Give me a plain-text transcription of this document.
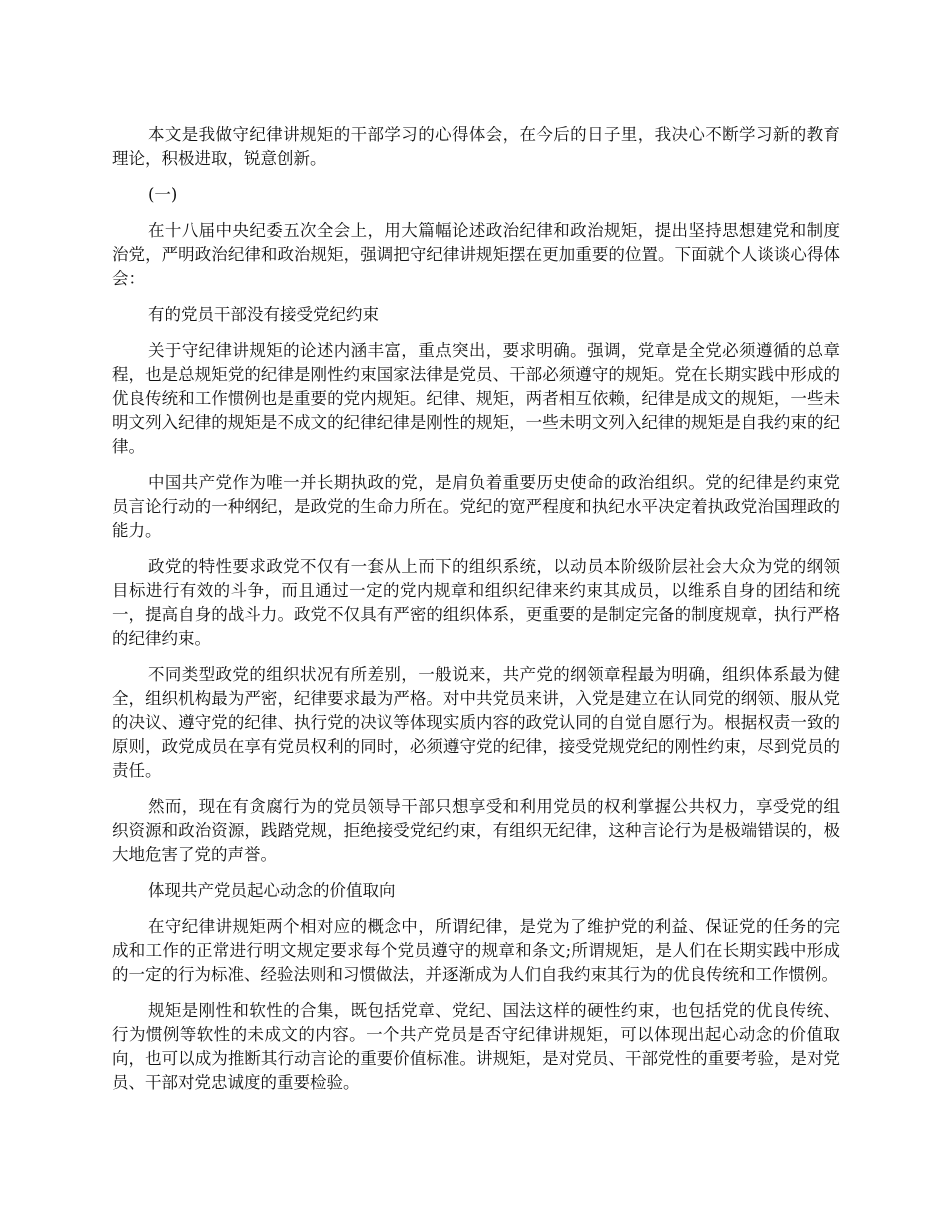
本文是我做守纪律讲规矩的干部学习的心得体会，在今后的日子里，我决心不断学习新的教育理论，积极进取，锐意创新。

(一)

在十八届中央纪委五次全会上，用大篇幅论述政治纪律和政治规矩，提出坚持思想建党和制度治党，严明政治纪律和政治规矩，强调把守纪律讲规矩摆在更加重要的位置。下面就个人谈谈心得体会：

有的党员干部没有接受党纪约束

关于守纪律讲规矩的论述内涵丰富，重点突出，要求明确。强调，党章是全党必须遵循的总章程，也是总规矩党的纪律是刚性约束国家法律是党员、干部必须遵守的规矩。党在长期实践中形成的优良传统和工作惯例也是重要的党内规矩。纪律、规矩，两者相互依赖，纪律是成文的规矩，一些未明文列入纪律的规矩是不成文的纪律纪律是刚性的规矩，一些未明文列入纪律的规矩是自我约束的纪律。

中国共产党作为唯一并长期执政的党，是肩负着重要历史使命的政治组织。党的纪律是约束党员言论行动的一种纲纪，是政党的生命力所在。党纪的宽严程度和执纪水平决定着执政党治国理政的能力。

政党的特性要求政党不仅有一套从上而下的组织系统，以动员本阶级阶层社会大众为党的纲领目标进行有效的斗争，而且通过一定的党内规章和组织纪律来约束其成员，以维系自身的团结和统一，提高自身的战斗力。政党不仅具有严密的组织体系，更重要的是制定完备的制度规章，执行严格的纪律约束。

不同类型政党的组织状况有所差别，一般说来，共产党的纲领章程最为明确，组织体系最为健全，组织机构最为严密，纪律要求最为严格。对中共党员来讲，入党是建立在认同党的纲领、服从党的决议、遵守党的纪律、执行党的决议等体现实质内容的政党认同的自觉自愿行为。根据权责一致的原则，政党成员在享有党员权利的同时，必须遵守党的纪律，接受党规党纪的刚性约束，尽到党员的责任。

然而，现在有贪腐行为的党员领导干部只想享受和利用党员的权利掌握公共权力，享受党的组织资源和政治资源，践踏党规，拒绝接受党纪约束，有组织无纪律，这种言论行为是极端错误的，极大地危害了党的声誉。

体现共产党员起心动念的价值取向

在守纪律讲规矩两个相对应的概念中，所谓纪律，是党为了维护党的利益、保证党的任务的完成和工作的正常进行明文规定要求每个党员遵守的规章和条文;所谓规矩，是人们在长期实践中形成的一定的行为标准、经验法则和习惯做法，并逐渐成为人们自我约束其行为的优良传统和工作惯例。

规矩是刚性和软性的合集，既包括党章、党纪、国法这样的硬性约束，也包括党的优良传统、行为惯例等软性的未成文的内容。一个共产党员是否守纪律讲规矩，可以体现出起心动念的价值取向，也可以成为推断其行动言论的重要价值标准。讲规矩，是对党员、干部党性的重要考验，是对党员、干部对党忠诚度的重要检验。
